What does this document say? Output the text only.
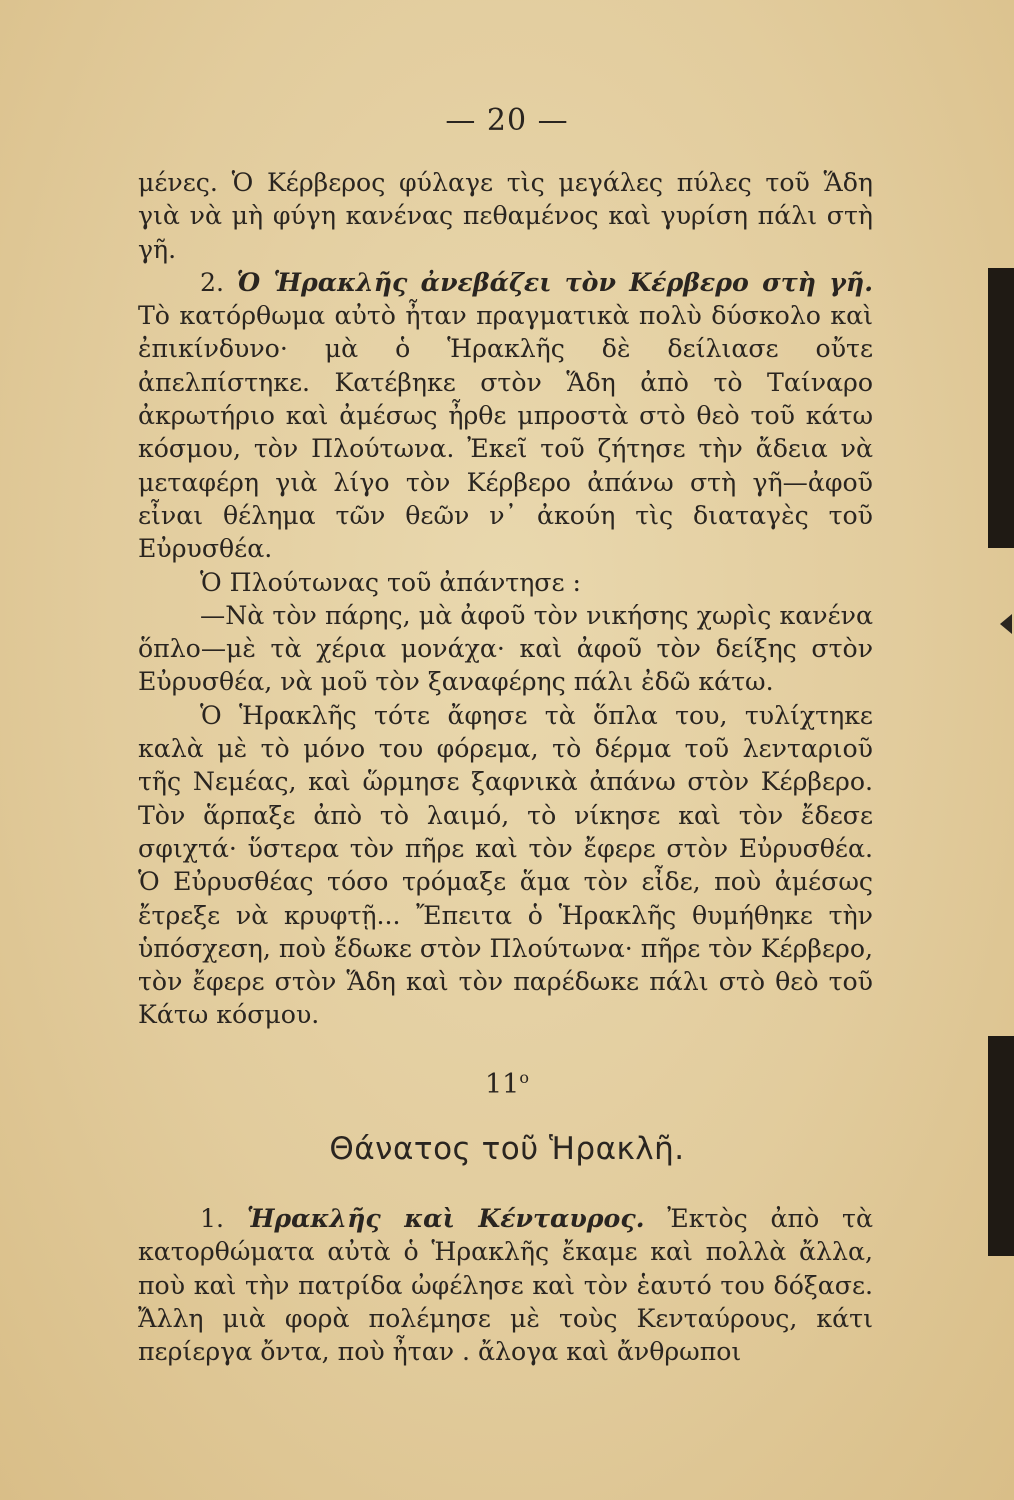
— 20 —

μένες. Ὁ Κέρβερος φύλαγε τὶς μεγάλες πύλες τοῦ Ἅδη γιὰ νὰ μὴ φύγη κανένας πεθαμένος καὶ γυρίση πάλι στὴ γῆ.

2. Ὁ Ἡρακλῆς ἀνεβάζει τὸν Κέρβερο στὴ γῆ. Τὸ κατόρθωμα αὐτὸ ἦταν πραγματικὰ πολὺ δύσκολο καὶ ἐπικίνδυνο· μὰ ὁ Ἡρακλῆς δὲ δείλιασε οὔτε ἀπελπίστηκε. Κατέβηκε στὸν Ἅδη ἀπὸ τὸ Ταίναρο ἀκρωτήριο καὶ ἀμέσως ἦρθε μπροστὰ στὸ θεὸ τοῦ κάτω κόσμου, τὸν Πλούτωνα. Ἐκεῖ τοῦ ζήτησε τὴν ἄδεια νὰ μεταφέρη γιὰ λίγο τὸν Κέρβερο ἀπάνω στὴ γῆ—ἀφοῦ εἶναι θέλημα τῶν θεῶν ν᾿ ἀκούη τὶς διαταγὲς τοῦ Εὐρυσθέα.

Ὁ Πλούτωνας τοῦ ἀπάντησε :

—Νὰ τὸν πάρης, μὰ ἀφοῦ τὸν νικήσης χωρὶς κανένα ὅπλο—μὲ τὰ χέρια μονάχα· καὶ ἀφοῦ τὸν δείξης στὸν Εὐρυσθέα, νὰ μοῦ τὸν ξαναφέρης πάλι ἐδῶ κάτω.

Ὁ Ἡρακλῆς τότε ἄφησε τὰ ὅπλα του, τυλίχτηκε καλὰ μὲ τὸ μόνο του φόρεμα, τὸ δέρμα τοῦ λενταριοῦ τῆς Νεμέας, καὶ ὥρμησε ξαφνικὰ ἀπάνω στὸν Κέρβερο. Τὸν ἅρπαξε ἀπὸ τὸ λαιμό, τὸ νίκησε καὶ τὸν ἔδεσε σφιχτά· ὕστερα τὸν πῆρε καὶ τὸν ἔφερε στὸν Εὐρυσθέα. Ὁ Εὐρυσθέας τόσο τρόμαξε ἅμα τὸν εἶδε, ποὺ ἀμέσως ἔτρεξε νὰ κρυφτῇ... Ἔπειτα ὁ Ἡρακλῆς θυμήθηκε τὴν ὑπόσχεση, ποὺ ἔδωκε στὸν Πλούτωνα· πῆρε τὸν Κέρβερο, τὸν ἔφερε στὸν Ἅδη καὶ τὸν παρέδωκε πάλι στὸ θεὸ τοῦ Κάτω κόσμου.

$11^o$
Θάνατος τοῦ Ἡρακλῆ.

1. Ἡρακλῆς καὶ Κένταυρος. Ἐκτὸς ἀπὸ τὰ κατορθώματα αὐτὰ ὁ Ἡρακλῆς ἔκαμε καὶ πολλὰ ἄλλα, ποὺ καὶ τὴν πατρίδα ὠφέλησε καὶ τὸν ἑαυτό του δόξασε. Ἄλλη μιὰ φορὰ πολέμησε μὲ τοὺς Κενταύρους, κάτι περίεργα ὄντα, ποὺ ἦταν . ἄλογα καὶ ἄνθρωποι
